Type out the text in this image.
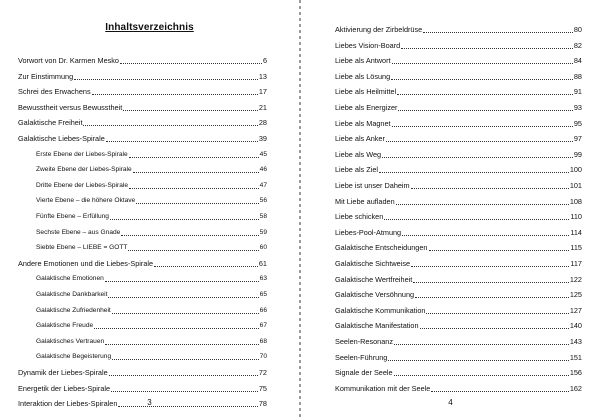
Inhaltsverzeichnis
Vorwort von Dr. Karmen Mesko	6
Zur Einstimmung	13
Schrei des Erwachens	17
Bewusstheit versus Bewusstheit	21
Galaktische Freiheit	28
Galaktische Liebes-Spirale	39
Erste Ebene der Liebes-Spirale	45
Zweite Ebene der Liebes-Spirale	46
Dritte Ebene der Liebes-Spirale	47
Vierte Ebene – die höhere Oktave	56
Fünfte Ebene – Erfüllung	58
Sechste Ebene – aus Gnade	59
Siebte Ebene – LIEBE = GOTT	60
Andere Emotionen und die Liebes-Spirale	61
Galaktische Emotionen	63
Galaktische Dankbarkeit	65
Galaktische Zufriedenheit	66
Galaktische Freude	67
Galaktisches Vertrauen	68
Galaktische Begeisterung	70
Dynamik der Liebes-Spirale	72
Energetik der Liebes-Spirale	75
Interaktion der Liebes-Spiralen	78
3
Aktivierung der Zirbeldrüse	80
Liebes Vision-Board	82
Liebe als Antwort	84
Liebe als Lösung	88
Liebe als Heilmittel	91
Liebe als Energizer	93
Liebe als Magnet	95
Liebe als Anker	97
Liebe als Weg	99
Liebe als Ziel	100
Liebe ist unser Daheim	101
Mit Liebe aufladen	108
Liebe schicken	110
Liebes-Pool-Atmung	114
Galaktische Entscheidungen	115
Galaktische Sichtweise	117
Galaktische Wertfreiheit	122
Galaktische Versöhnung	125
Galaktische Kommunikation	127
Galaktische Manifestation	140
Seelen-Resonanz	143
Seelen-Führung	151
Signale der Seele	156
Kommunikation mit der Seele	162
4
